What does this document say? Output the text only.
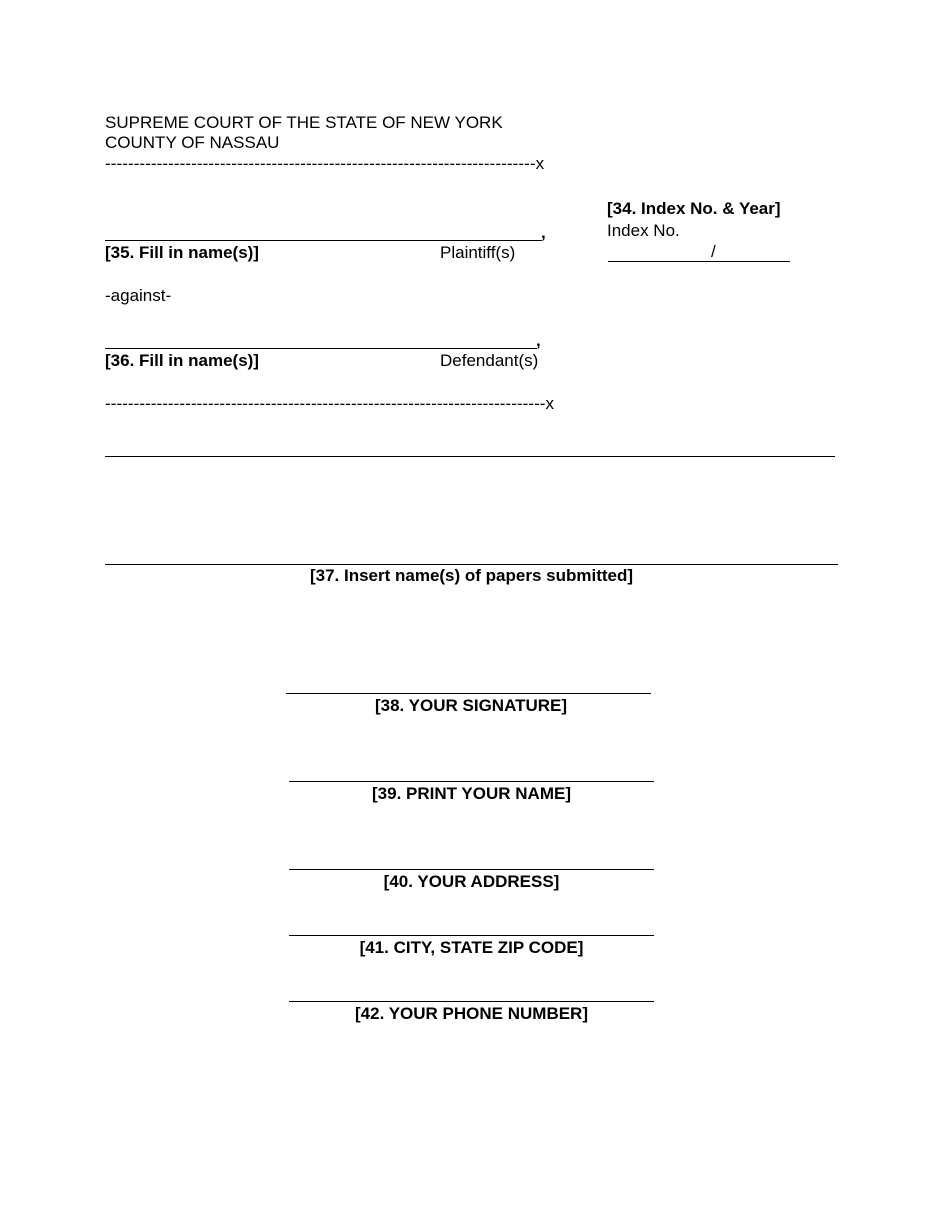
SUPREME COURT OF THE STATE OF NEW YORK
COUNTY OF NASSAU
---------------------------------------------------------------------------x
[34. Index No. & Year]
Index No.
/
,
[35. Fill in name(s)]	Plaintiff(s)
-against-
,
[36. Fill in name(s)]	Defendant(s)
-----------------------------------------------------------------------------x
[37. Insert name(s) of papers submitted]
[38. YOUR SIGNATURE]
[39. PRINT YOUR NAME]
[40. YOUR ADDRESS]
[41. CITY, STATE ZIP CODE]
[42. YOUR PHONE NUMBER]
